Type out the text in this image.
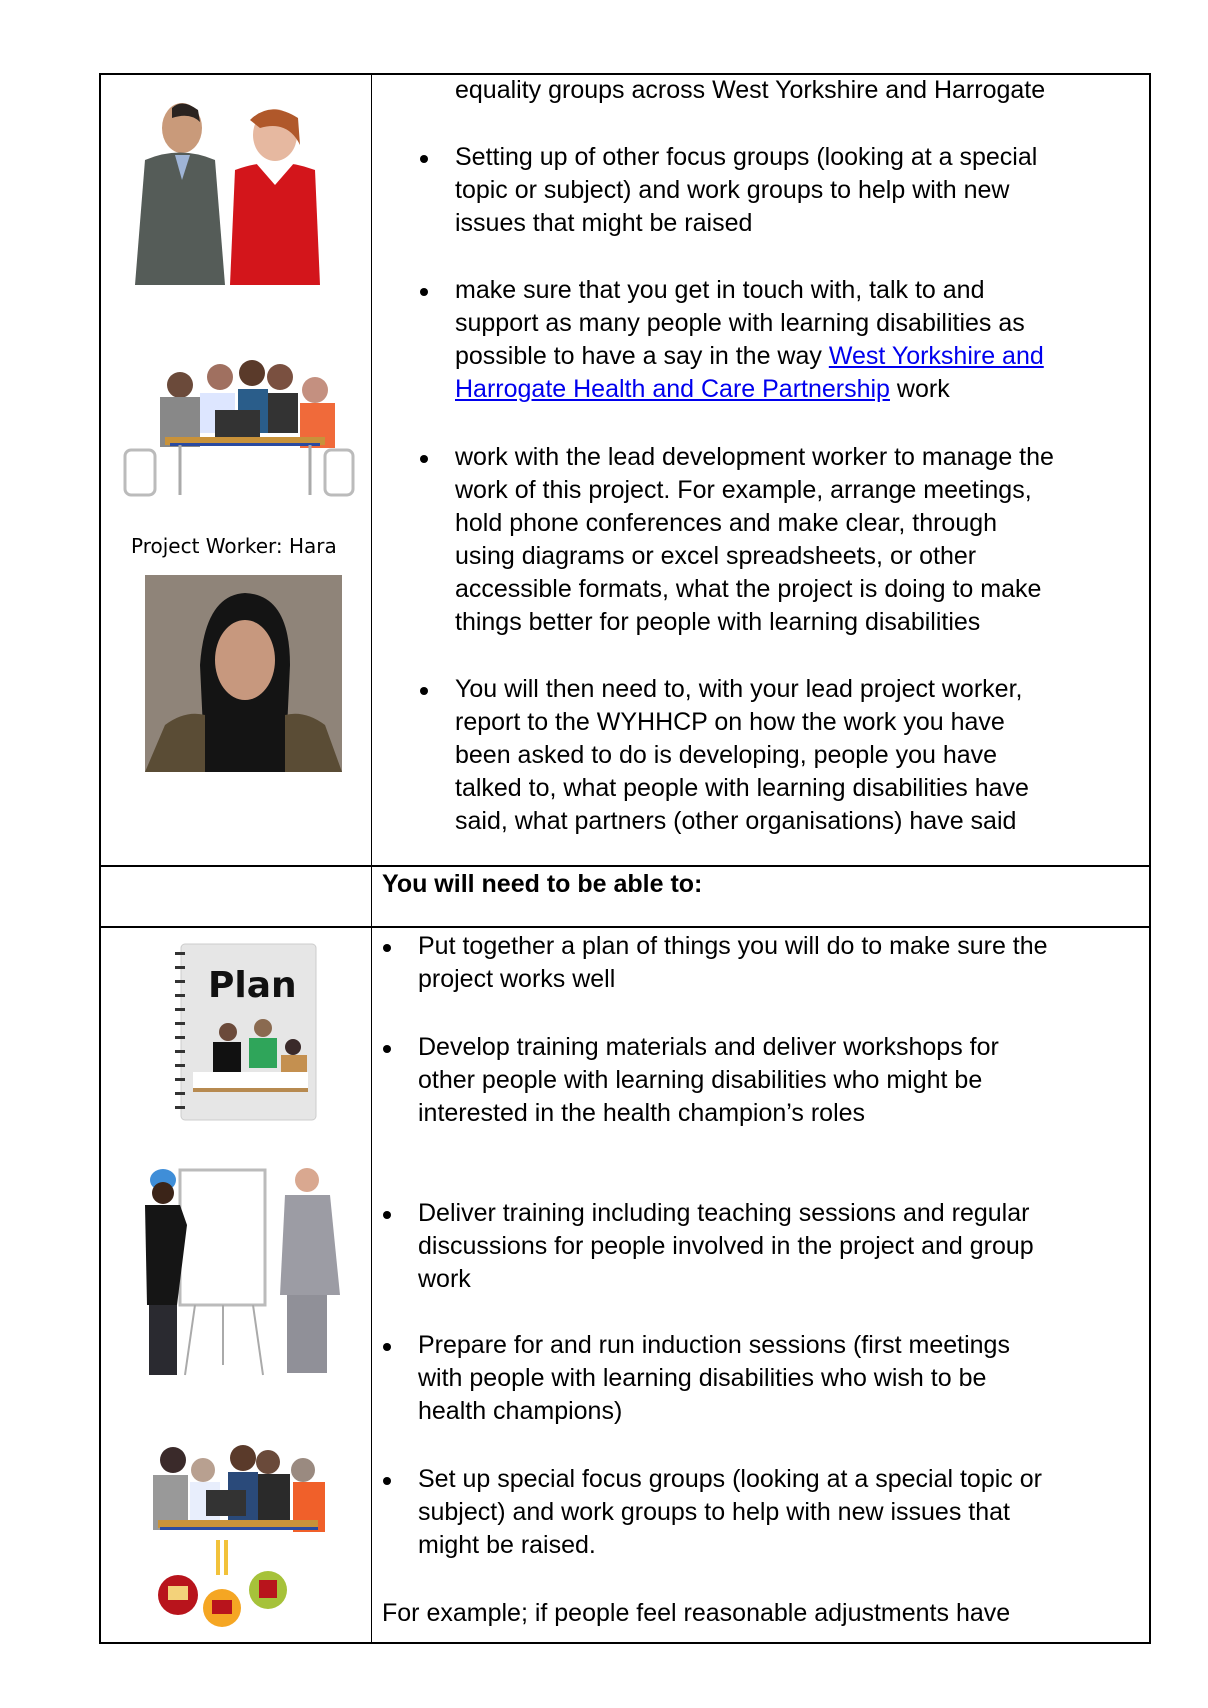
Project Worker: Hara
equality groups across West Yorkshire and Harrogate
Setting up of other focus groups (looking at a special
topic or subject) and work groups to help with new
issues that might be raised
make sure that you get in touch with, talk to and
support as many people with learning disabilities as
possible to have a say in the way West Yorkshire and
Harrogate Health and Care Partnership work
work with the lead development worker to manage the
work of this project. For example, arrange meetings,
hold phone conferences and make clear, through
using diagrams or excel spreadsheets, or other
accessible formats, what the project is doing to make
things better for people with learning disabilities
You will then need to, with your lead project worker,
report to the WYHHCP on how the work you have
been asked to do is developing, people you have
talked to, what people with learning disabilities have
said, what partners (other organisations) have said
You will need to be able to:
Plan
Put together a plan of things you will do to make sure the
project works well
Develop training materials and deliver workshops for
other people with learning disabilities who might be
interested in the health champion’s roles
Deliver training including teaching sessions and regular
discussions for people involved in the project and group
work
Prepare for and run induction sessions (first meetings
with people with learning disabilities who wish to be
health champions)
Set up special focus groups (looking at a special topic or
subject) and work groups to help with new issues that
might be raised.
For example; if people feel reasonable adjustments have
